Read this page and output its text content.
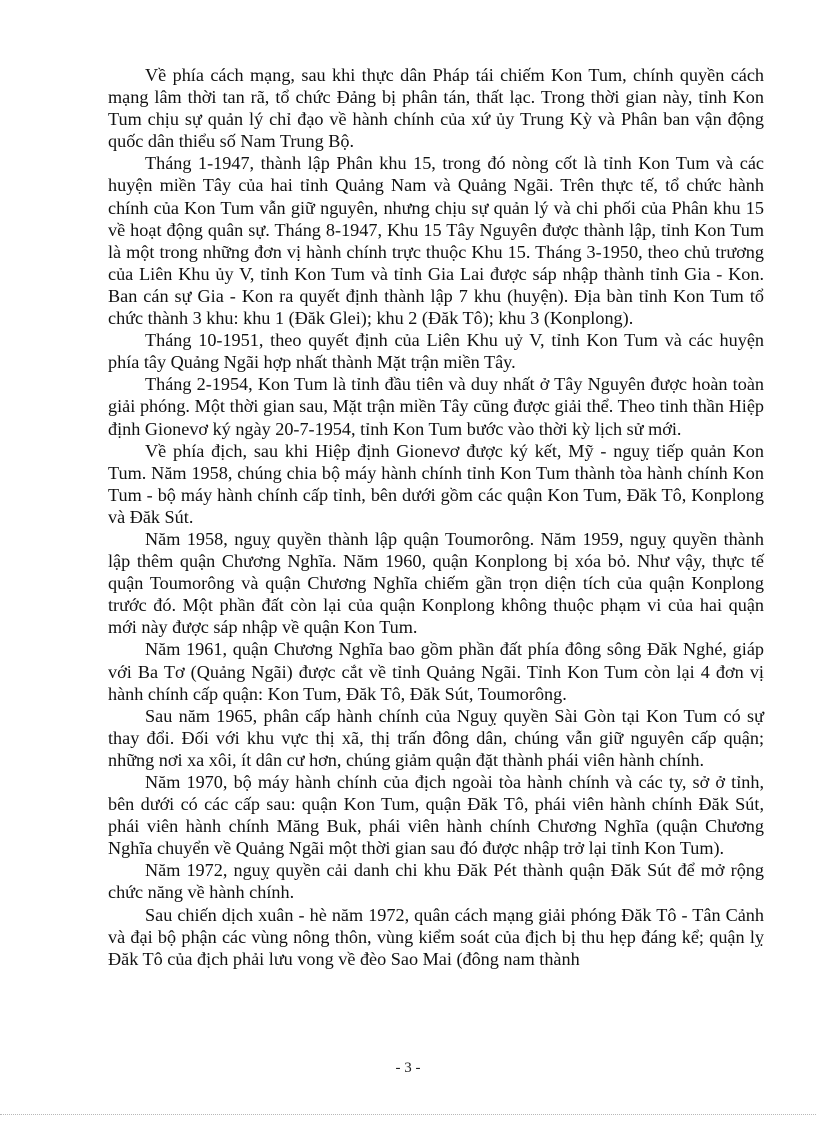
Về phía cách mạng, sau khi thực dân Pháp tái chiếm Kon Tum, chính quyền cách mạng lâm thời tan rã, tổ chức Đảng bị phân tán, thất lạc. Trong thời gian này, tỉnh Kon Tum chịu sự quản lý chỉ đạo về hành chính của xứ ủy Trung Kỳ và Phân ban vận động quốc dân thiểu số Nam Trung Bộ.

Tháng 1-1947, thành lập Phân khu 15, trong đó nòng cốt là tỉnh Kon Tum và các huyện miền Tây của hai tỉnh Quảng Nam và Quảng Ngãi. Trên thực tế, tổ chức hành chính của Kon Tum vẫn giữ nguyên, nhưng chịu sự quản lý và chi phối của Phân khu 15 về hoạt động quân sự. Tháng 8-1947, Khu 15 Tây Nguyên được thành lập, tỉnh Kon Tum là một trong những đơn vị hành chính trực thuộc Khu 15. Tháng 3-1950, theo chủ trương của Liên Khu ủy V, tỉnh Kon Tum và tỉnh Gia Lai được sáp nhập thành tỉnh Gia - Kon. Ban cán sự Gia - Kon ra quyết định thành lập 7 khu (huyện). Địa bàn tỉnh Kon Tum tổ chức thành 3 khu: khu 1 (Đăk Glei); khu 2 (Đăk Tô); khu 3 (Konplong).

Tháng 10-1951, theo quyết định của Liên Khu uỷ V, tỉnh Kon Tum và các huyện phía tây Quảng Ngãi hợp nhất thành Mặt trận miền Tây.

Tháng 2-1954, Kon Tum là tỉnh đầu tiên và duy nhất ở Tây Nguyên được hoàn toàn giải phóng. Một thời gian sau, Mặt trận miền Tây cũng được giải thể. Theo tinh thần Hiệp định Gionevơ ký ngày 20-7-1954, tỉnh Kon Tum bước vào thời kỳ lịch sử mới.

Về phía địch, sau khi Hiệp định Gionevơ được ký kết, Mỹ - nguỵ tiếp quản Kon Tum. Năm 1958, chúng chia bộ máy hành chính tỉnh Kon Tum thành tòa hành chính Kon Tum - bộ máy hành chính cấp tỉnh, bên dưới gồm các quận Kon Tum, Đăk Tô, Konplong và Đăk Sút.

Năm 1958, nguỵ quyền thành lập quận Toumorông. Năm 1959, nguỵ quyền thành lập thêm quận Chương Nghĩa. Năm 1960, quận Konplong bị xóa bỏ. Như vậy, thực tế quận Toumorông và quận Chương Nghĩa chiếm gần trọn diện tích của quận Konplong trước đó. Một phần đất còn lại của quận Konplong không thuộc phạm vi của hai quận mới này được sáp nhập về quận Kon Tum.

Năm 1961, quận Chương Nghĩa bao gồm phần đất phía đông sông Đăk Nghé, giáp với Ba Tơ (Quảng Ngãi) được cắt về tỉnh Quảng Ngãi. Tỉnh Kon Tum còn lại 4 đơn vị hành chính cấp quận: Kon Tum, Đăk Tô, Đăk Sút, Toumorông.

Sau năm 1965, phân cấp hành chính của Nguỵ quyền Sài Gòn tại Kon Tum có sự thay đổi. Đối với khu vực thị xã, thị trấn đông dân, chúng vẫn giữ nguyên cấp quận; những nơi xa xôi, ít dân cư hơn, chúng giảm quận đặt thành phái viên hành chính.

Năm 1970, bộ máy hành chính của địch ngoài tòa hành chính và các ty, sở ở tỉnh, bên dưới có các cấp sau: quận Kon Tum, quận Đăk Tô, phái viên hành chính Đăk Sút, phái viên hành chính Măng Buk, phái viên hành chính Chương Nghĩa (quận Chương Nghĩa chuyển về Quảng Ngãi một thời gian sau đó được nhập trở lại tỉnh Kon Tum).

Năm 1972, nguỵ quyền cải danh chi khu Đăk Pét thành quận Đăk Sút để mở rộng chức năng về hành chính.

Sau chiến dịch xuân - hè năm 1972, quân cách mạng giải phóng Đăk Tô - Tân Cảnh và đại bộ phận các vùng nông thôn, vùng kiểm soát của địch bị thu hẹp đáng kể; quận lỵ Đăk Tô của địch phải lưu vong về đèo Sao Mai (đông nam thành

- 3 -
